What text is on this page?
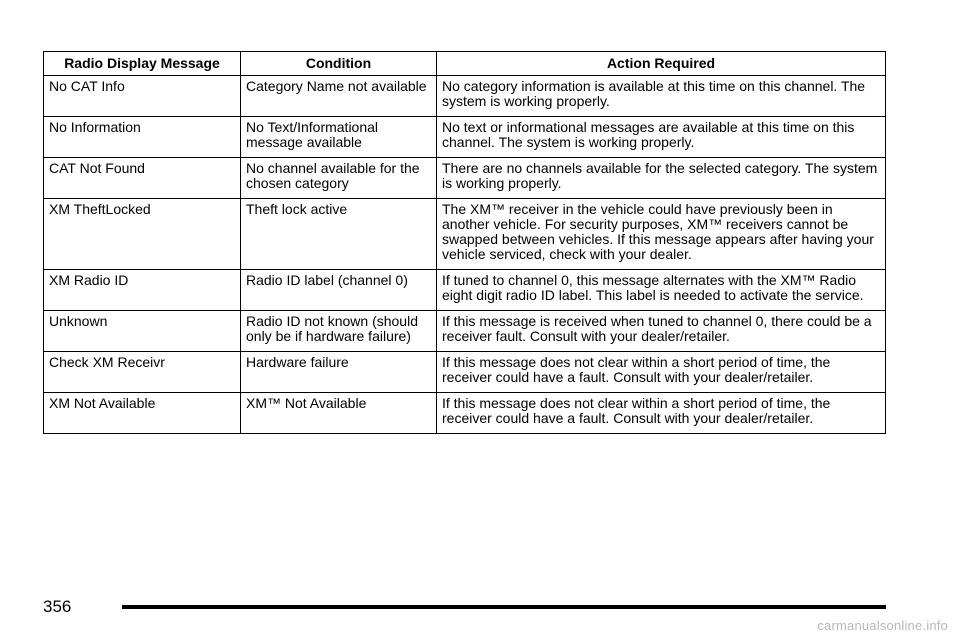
Radio Display Message	Condition	Action Required
No CAT Info	Category Name not available	No category information is available at this time on this channel. The system is working properly.
No Information	No Text/Informational message available	No text or informational messages are available at this time on this channel. The system is working properly.
CAT Not Found	No channel available for the chosen category	There are no channels available for the selected category. The system is working properly.
XM TheftLocked	Theft lock active	The XM™ receiver in the vehicle could have previously been in another vehicle. For security purposes, XM™ receivers cannot be swapped between vehicles. If this message appears after having your vehicle serviced, check with your dealer.
XM Radio ID	Radio ID label (channel 0)	If tuned to channel 0, this message alternates with the XM™ Radio eight digit radio ID label. This label is needed to activate the service.
Unknown	Radio ID not known (should only be if hardware failure)	If this message is received when tuned to channel 0, there could be a receiver fault. Consult with your dealer/retailer.
Check XM Receivr	Hardware failure	If this message does not clear within a short period of time, the receiver could have a fault. Consult with your dealer/retailer.
XM Not Available	XM™ Not Available	If this message does not clear within a short period of time, the receiver could have a fault. Consult with your dealer/retailer.
356
carmanualsonline.info
